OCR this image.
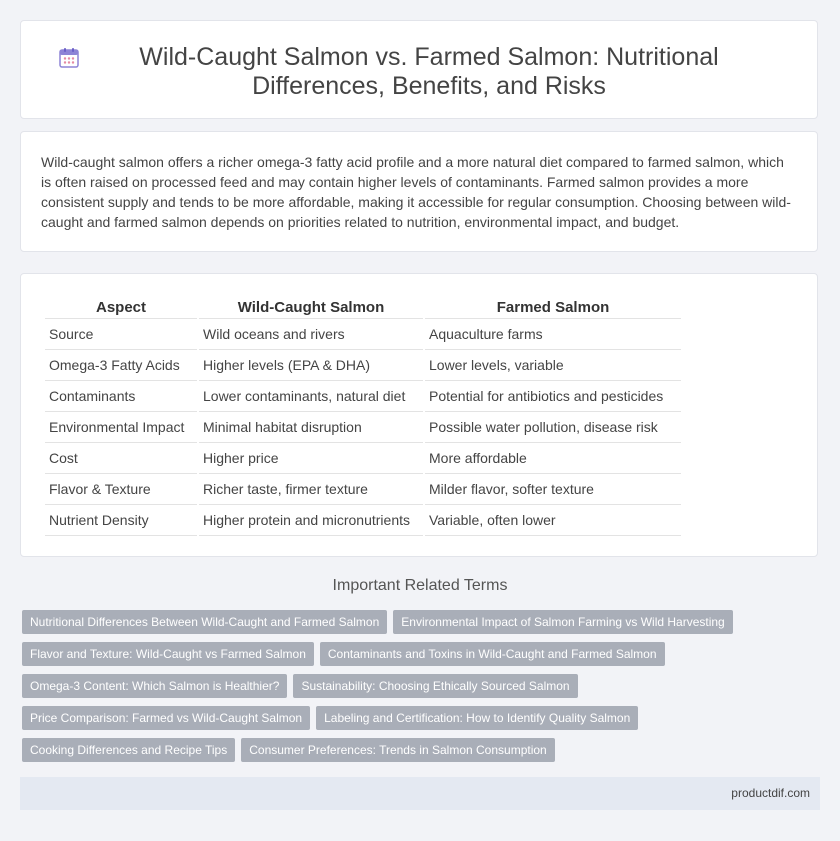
Wild-Caught Salmon vs. Farmed Salmon: Nutritional Differences, Benefits, and Risks

Wild-caught salmon offers a richer omega-3 fatty acid profile and a more natural diet compared to farmed salmon, which is often raised on processed feed and may contain higher levels of contaminants. Farmed salmon provides a more consistent supply and tends to be more affordable, making it accessible for regular consumption. Choosing between wild-caught and farmed salmon depends on priorities related to nutrition, environmental impact, and budget.

Aspect	Wild-Caught Salmon	Farmed Salmon
Source	Wild oceans and rivers	Aquaculture farms
Omega-3 Fatty Acids	Higher levels (EPA & DHA)	Lower levels, variable
Contaminants	Lower contaminants, natural diet	Potential for antibiotics and pesticides
Environmental Impact	Minimal habitat disruption	Possible water pollution, disease risk
Cost	Higher price	More affordable
Flavor & Texture	Richer taste, firmer texture	Milder flavor, softer texture
Nutrient Density	Higher protein and micronutrients	Variable, often lower
Important Related Terms
Nutritional Differences Between Wild-Caught and Farmed Salmon Environmental Impact of Salmon Farming vs Wild Harvesting
Flavor and Texture: Wild-Caught vs Farmed Salmon Contaminants and Toxins in Wild-Caught and Farmed Salmon
Omega-3 Content: Which Salmon is Healthier? Sustainability: Choosing Ethically Sourced Salmon
Price Comparison: Farmed vs Wild-Caught Salmon Labeling and Certification: How to Identify Quality Salmon
Cooking Differences and Recipe Tips Consumer Preferences: Trends in Salmon Consumption
productdif.com
